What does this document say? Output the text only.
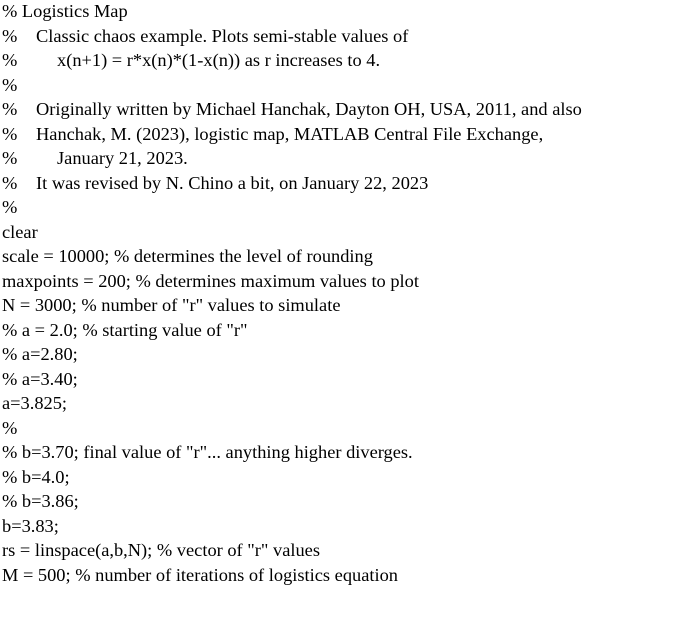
% Logistics Map

%

Classic chaos example. Plots semi-stable values of

%

x(n+1) = r*x(n)*(1-x(n)) as r increases to 4.

%

%

Originally written by Michael Hanchak, Dayton OH, USA, 2011, and also

%

Hanchak, M. (2023), logistic map, MATLAB Central File Exchange,

%

January 21, 2023.

%

It was revised by N. Chino a bit, on January 22, 2023

%

clear

scale = 10000; % determines the level of rounding

maxpoints = 200; % determines maximum values to plot

N = 3000; % number of "r" values to simulate

% a = 2.0; % starting value of "r"

% a=2.80;

% a=3.40;

a=3.825;

%

% b=3.70; final value of "r"... anything higher diverges.

% b=4.0;

% b=3.86;

b=3.83;

rs = linspace(a,b,N); % vector of "r" values

M = 500; % number of iterations of logistics equation
